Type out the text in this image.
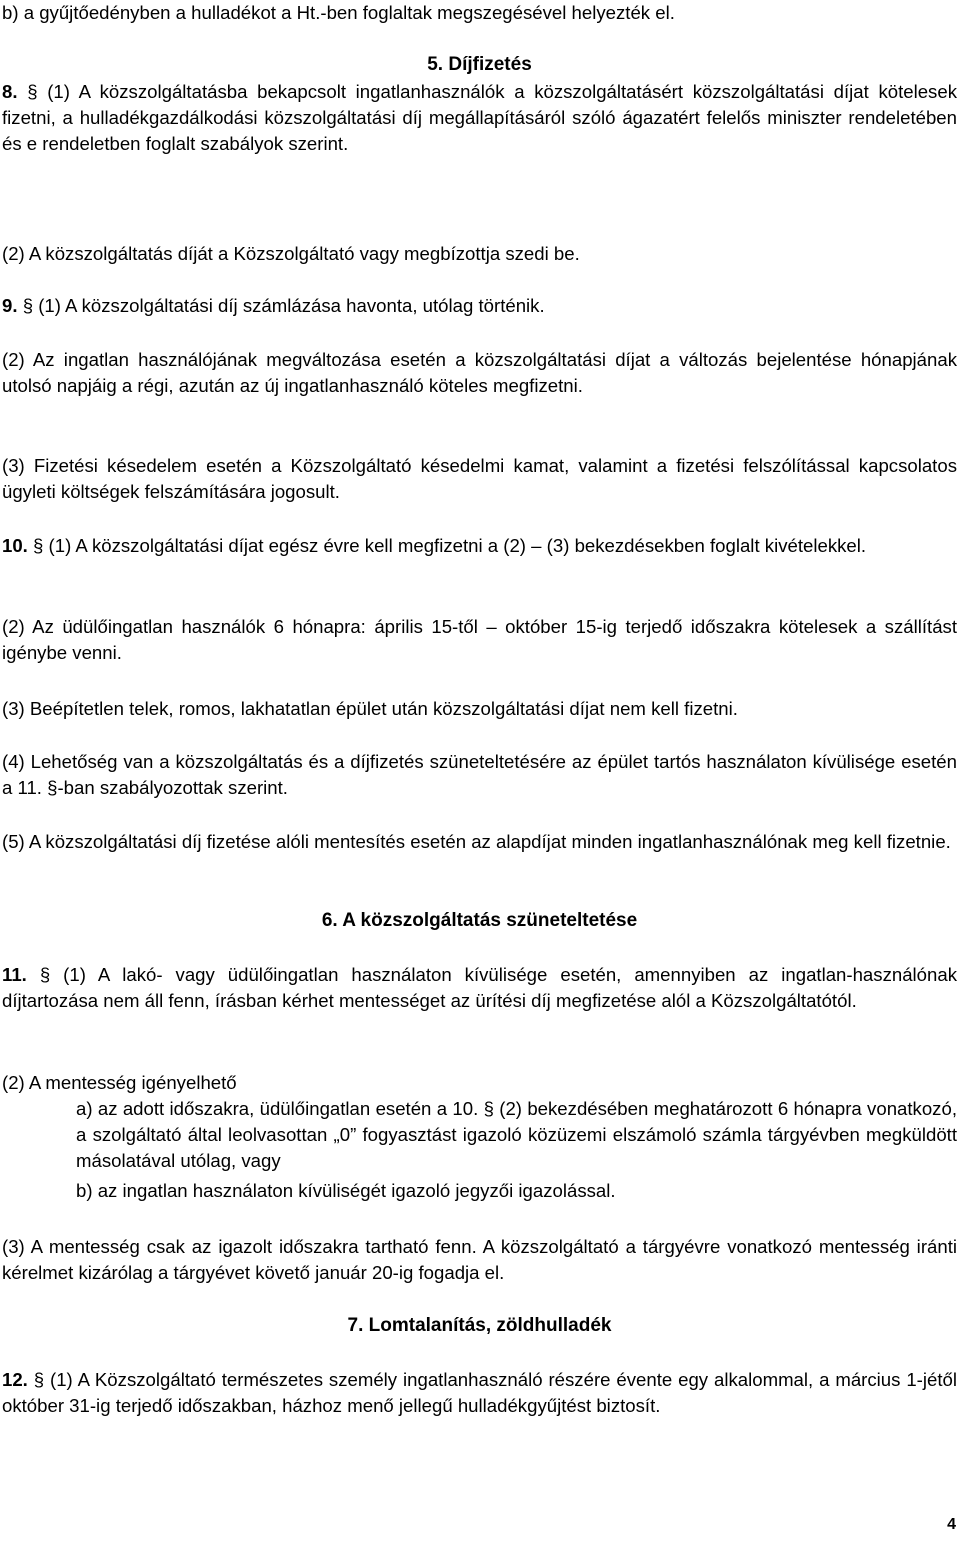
b) a gyűjtőedényben a hulladékot a Ht.-ben foglaltak megszegésével helyezték el.

5. Díjfizetés

8. § (1) A közszolgáltatásba bekapcsolt ingatlanhasználók a közszolgáltatásért közszolgáltatási díjat kötelesek fizetni, a hulladékgazdálkodási közszolgáltatási díj megállapításáról szóló ágazatért felelős miniszter rendeletében és e rendeletben foglalt szabályok szerint.

(2) A közszolgáltatás díját a Közszolgáltató vagy megbízottja szedi be.

9. § (1) A közszolgáltatási díj számlázása havonta, utólag történik.

(2) Az ingatlan használójának megváltozása esetén a közszolgáltatási díjat a változás bejelentése hónapjának utolsó napjáig a régi, azután az új ingatlanhasználó köteles megfizetni.

(3) Fizetési késedelem esetén a Közszolgáltató késedelmi kamat, valamint a fizetési felszólítással kapcsolatos ügyleti költségek felszámítására jogosult.

10. § (1) A közszolgáltatási díjat egész évre kell megfizetni a (2) – (3) bekezdésekben foglalt kivételekkel.

(2) Az üdülőingatlan használók 6 hónapra: április 15-től – október 15-ig terjedő időszakra kötelesek a szállítást igénybe venni.

(3) Beépítetlen telek, romos, lakhatatlan épület után közszolgáltatási díjat nem kell fizetni.

(4) Lehetőség van a közszolgáltatás és a díjfizetés szüneteltetésére az épület tartós használaton kívülisége esetén a 11. §-ban szabályozottak szerint.

(5) A közszolgáltatási díj fizetése alóli mentesítés esetén az alapdíjat minden ingatlanhasználónak meg kell fizetnie.

6. A közszolgáltatás szüneteltetése

11. § (1) A lakó- vagy üdülőingatlan használaton kívülisége esetén, amennyiben az ingatlan-használónak díjtartozása nem áll fenn, írásban kérhet mentességet az ürítési díj megfizetése alól a Közszolgáltatótól.

(2) A mentesség igényelhető

a) az adott időszakra, üdülőingatlan esetén a 10. § (2) bekezdésében meghatározott 6 hónapra vonatkozó, a szolgáltató által leolvasottan „0” fogyasztást igazoló közüzemi elszámoló számla tárgyévben megküldött másolatával utólag, vagy

b) az ingatlan használaton kívüliségét igazoló jegyzői igazolással.

(3) A mentesség csak az igazolt időszakra tartható fenn. A közszolgáltató a tárgyévre vonatkozó mentesség iránti kérelmet kizárólag a tárgyévet követő január 20-ig fogadja el.

7. Lomtalanítás, zöldhulladék

12. § (1) A Közszolgáltató természetes személy ingatlanhasználó részére évente egy alkalommal, a március 1-jétől október 31-ig terjedő időszakban, házhoz menő jellegű hulladékgyűjtést biztosít.

4
